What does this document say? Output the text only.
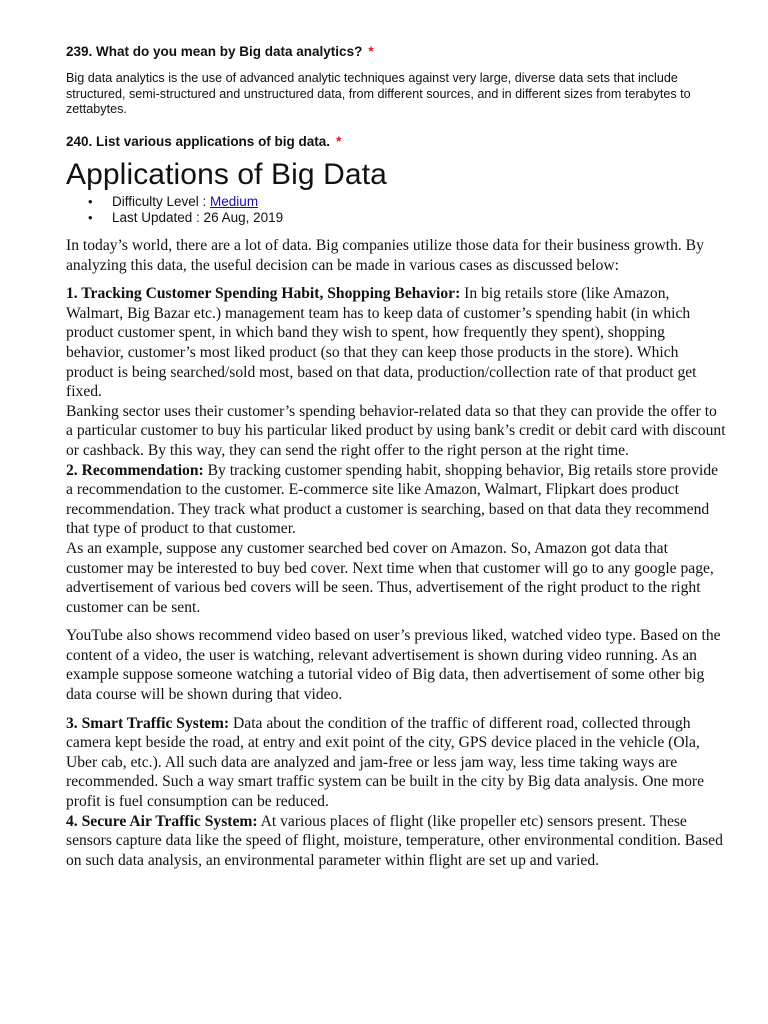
239. What do you mean by Big data analytics? *

Big data analytics is the use of advanced analytic techniques against very large, diverse data sets that include structured, semi-structured and unstructured data, from different sources, and in different sizes from terabytes to zettabytes.

240. List various applications of big data. *

Applications of Big Data
• Difficulty Level : Medium
• Last Updated : 26 Aug, 2019

In today’s world, there are a lot of data. Big companies utilize those data for their business growth. By analyzing this data, the useful decision can be made in various cases as discussed below:

1. Tracking Customer Spending Habit, Shopping Behavior: In big retails store (like Amazon, Walmart, Big Bazar etc.) management team has to keep data of customer’s spending habit (in which product customer spent, in which band they wish to spent, how frequently they spent), shopping behavior, customer’s most liked product (so that they can keep those products in the store). Which product is being searched/sold most, based on that data, production/collection rate of that product get fixed.

Banking sector uses their customer’s spending behavior-related data so that they can provide the offer to a particular customer to buy his particular liked product by using bank’s credit or debit card with discount or cashback. By this way, they can send the right offer to the right person at the right time.

2. Recommendation: By tracking customer spending habit, shopping behavior, Big retails store provide a recommendation to the customer. E-commerce site like Amazon, Walmart, Flipkart does product recommendation. They track what product a customer is searching, based on that data they recommend that type of product to that customer.

As an example, suppose any customer searched bed cover on Amazon. So, Amazon got data that customer may be interested to buy bed cover. Next time when that customer will go to any google page, advertisement of various bed covers will be seen. Thus, advertisement of the right product to the right customer can be sent.

YouTube also shows recommend video based on user’s previous liked, watched video type. Based on the content of a video, the user is watching, relevant advertisement is shown during video running. As an example suppose someone watching a tutorial video of Big data, then advertisement of some other big data course will be shown during that video.

3. Smart Traffic System: Data about the condition of the traffic of different road, collected through camera kept beside the road, at entry and exit point of the city, GPS device placed in the vehicle (Ola, Uber cab, etc.). All such data are analyzed and jam-free or less jam way, less time taking ways are recommended. Such a way smart traffic system can be built in the city by Big data analysis. One more profit is fuel consumption can be reduced.

4. Secure Air Traffic System: At various places of flight (like propeller etc) sensors present. These sensors capture data like the speed of flight, moisture, temperature, other environmental condition. Based on such data analysis, an environmental parameter within flight are set up and varied.
